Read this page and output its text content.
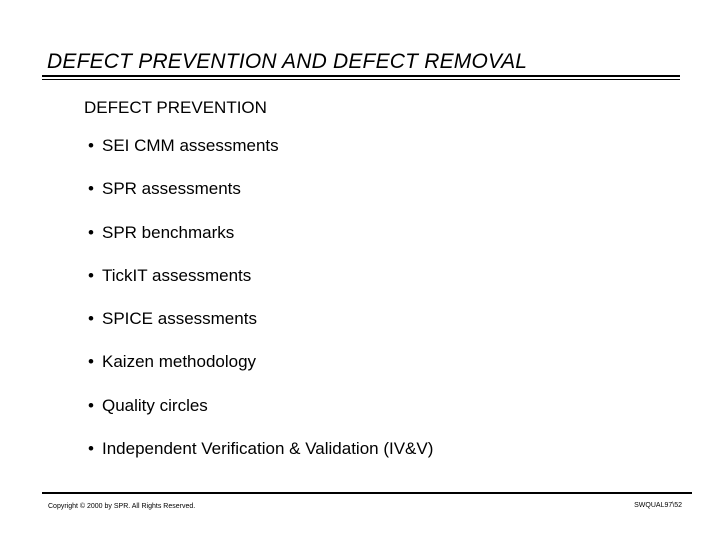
DEFECT PREVENTION AND DEFECT REMOVAL
DEFECT PREVENTION
• SEI CMM assessments
• SPR assessments
• SPR benchmarks
• TickIT assessments
• SPICE assessments
• Kaizen methodology
• Quality circles
• Independent Verification & Validation (IV&V)
Copyright © 2000 by SPR. All Rights Reserved.	SWQUAL97\52
